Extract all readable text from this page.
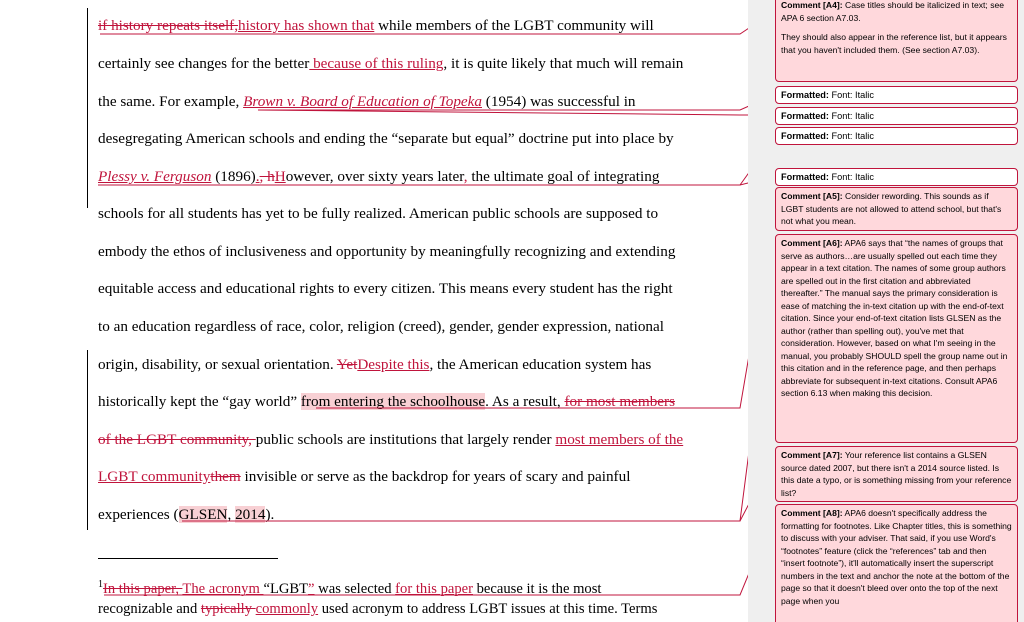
if history repeats itself,history has shown that while members of the LGBT community will
certainly see changes for the better because of this ruling, it is quite likely that much will remain
the same. For example, Brown v. Board of Education of Topeka (1954) was successful in
desegregating American schools and ending the “separate but equal” doctrine put into place by
Plessy v. Ferguson (1896)., hHowever, over sixty years later, the ultimate goal of integrating
schools for all students has yet to be fully realized. American public schools are supposed to
embody the ethos of inclusiveness and opportunity by meaningfully recognizing and extending
equitable access and educational rights to every citizen. This means every student has the right
to an education regardless of race, color, religion (creed), gender, gender expression, national
origin, disability, or sexual orientation. YetDespite this, the American education system has
historically kept the “gay world” from entering the schoolhouse. As a result, for most members
of the LGBT community, public schools are institutions that largely render most members of the
LGBT communitythem invisible or serve as the backdrop for years of scary and painful
experiences (GLSEN, 2014).
$^1$In this paper, The acronym “LGBT” was selected for this paper because it is the most
recognizable and typically commonly used acronym to address LGBT issues at this time. Terms
Comment [A4]: Case titles should be italicized in text; see APA 6 section A7.03.
They should also appear in the reference list, but it appears that you haven't included them. (See section A7.03).
Formatted: Font: Italic
Formatted: Font: Italic
Formatted: Font: Italic
Formatted: Font: Italic
Comment [A5]: Consider rewording. This sounds as if LGBT students are not allowed to attend school, but that's not what you mean.
Comment [A6]: APA6 says that “the names of groups that serve as authors…are usually spelled out each time they appear in a text citation. The names of some group authors are spelled out in the first citation and abbreviated thereafter.” The manual says the primary consideration is ease of matching the in-text citation up with the end-of-text citation. Since your end-of-text citation lists GLSEN as the author (rather than spelling out), you've met that consideration. However, based on what I'm seeing in the manual, you probably SHOULD spell the group name out in this citation and in the reference page, and then perhaps abbreviate for subsequent in-text citations. Consult APA6 section 6.13 when making this decision.
Comment [A7]: Your reference list contains a GLSEN source dated 2007, but there isn't a 2014 source listed. Is this date a typo, or is something missing from your reference list?
Comment [A8]: APA6 doesn't specifically address the formatting for footnotes. Like Chapter titles, this is something to discuss with your adviser. That said, if you use Word's “footnotes” feature (click the “references” tab and then “insert footnote”), it'll automatically insert the superscript numbers in the text and anchor the note at the bottom of the page so that it doesn't bleed over onto the top of the next page when you
